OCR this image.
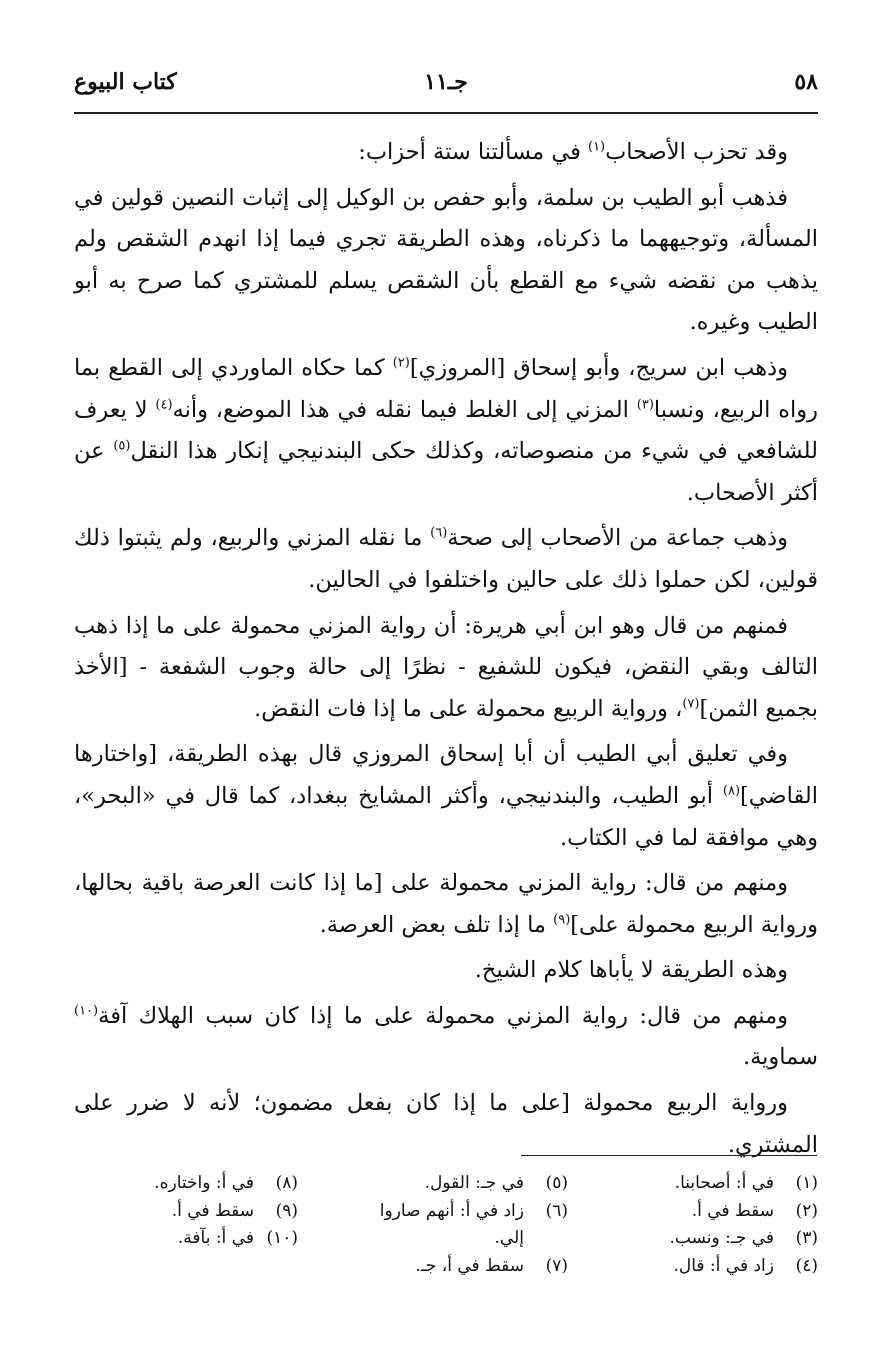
٥٨
جـ١١
كتاب البيوع

وقد تحزب الأصحاب$^{(١)}$ في مسألتنا ستة أحزاب:

فذهب أبو الطيب بن سلمة، وأبو حفص بن الوكيل إلى إثبات النصين قولين في المسألة، وتوجيههما ما ذكرناه، وهذه الطريقة تجري فيما إذا انهدم الشقص ولم يذهب من نقضه شيء مع القطع بأن الشقص يسلم للمشتري كما صرح به أبو الطيب وغيره.

وذهب ابن سريج، وأبو إسحاق [المروزي]$^{(٢)}$ كما حكاه الماوردي إلى القطع بما رواه الربيع، ونسبا$^{(٣)}$ المزني إلى الغلط فيما نقله في هذا الموضع، وأنه$^{(٤)}$ لا يعرف للشافعي في شيء من منصوصاته، وكذلك حكى البندنيجي إنكار هذا النقل$^{(٥)}$ عن أكثر الأصحاب.

وذهب جماعة من الأصحاب إلى صحة$^{(٦)}$ ما نقله المزني والربيع، ولم يثبتوا ذلك قولين، لكن حملوا ذلك على حالين واختلفوا في الحالين.

فمنهم من قال وهو ابن أبي هريرة: أن رواية المزني محمولة على ما إذا ذهب التالف وبقي النقض، فيكون للشفيع - نظرًا إلى حالة وجوب الشفعة - [الأخذ بجميع الثمن]$^{(٧)}$، ورواية الربيع محمولة على ما إذا فات النقض.

وفي تعليق أبي الطيب أن أبا إسحاق المروزي قال بهذه الطريقة، [واختارها القاضي]$^{(٨)}$ أبو الطيب، والبندنيجي، وأكثر المشايخ ببغداد، كما قال في «البحر»، وهي موافقة لما في الكتاب.

ومنهم من قال: رواية المزني محمولة على [ما إذا كانت العرصة باقية بحالها، ورواية الربيع محمولة على]$^{(٩)}$ ما إذا تلف بعض العرصة.

وهذه الطريقة لا يأباها كلام الشيخ.

ومنهم من قال: رواية المزني محمولة على ما إذا كان سبب الهلاك آفة$^{(١٠)}$ سماوية.

ورواية الربيع محمولة [على ما إذا كان بفعل مضمون؛ لأنه لا ضرر على المشتري.

(١)
في أ: أصحابنا.
(٢)
سقط في أ.
(٣)
في جـ: ونسب.
(٤)
زاد في أ: قال.
(٥)
في جـ: القول.
(٦)
زاد في أ: أنهم صاروا
إلي.
(٧)
سقط في أ، جـ.
(٨)
في أ: واختاره.
(٩)
سقط في أ.
(١٠)
في أ: بآفة.
